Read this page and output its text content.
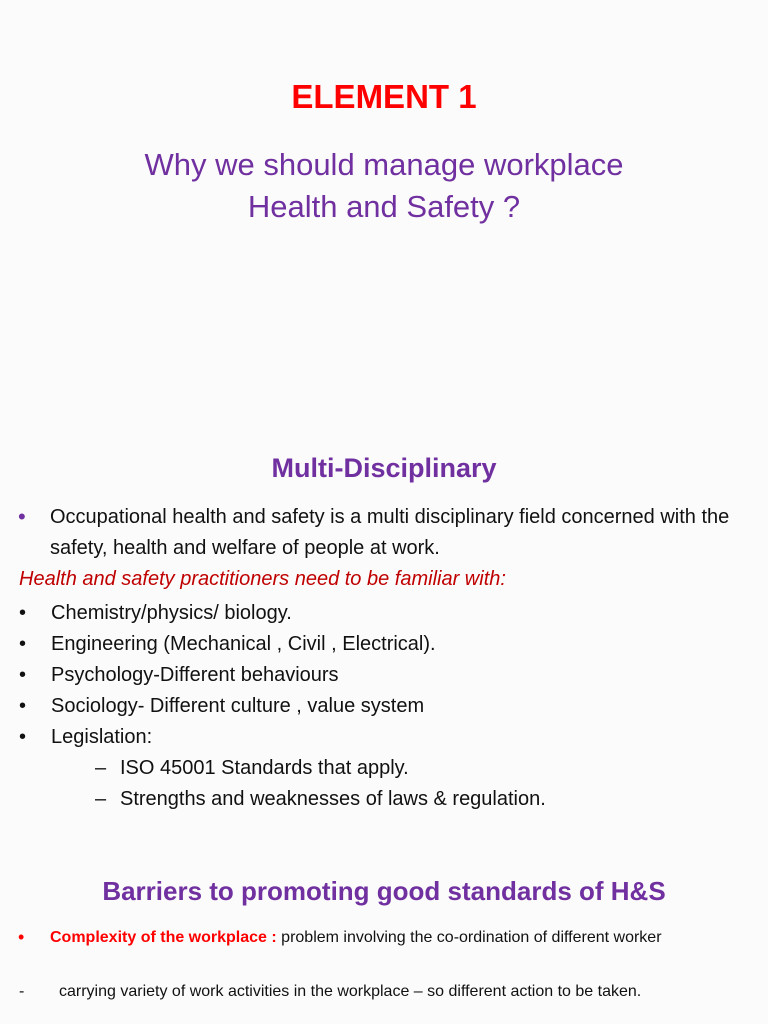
ELEMENT 1
Why we should manage workplace
Health and Safety ?
Multi-Disciplinary
• Occupational health and safety is a multi disciplinary field concerned with the safety, health and welfare of people at work.
Health and safety practitioners need to be familiar with:
• Chemistry/physics/ biology.
• Engineering (Mechanical , Civil , Electrical).
• Psychology-Different behaviours
• Sociology- Different culture , value system
• Legislation:
– ISO 45001 Standards that apply.
– Strengths and weaknesses of laws & regulation.
Barriers to promoting good standards of H&S
• Complexity of the workplace : problem involving the co-ordination of different worker
- carrying variety of work activities in the workplace – so different action to be taken.
